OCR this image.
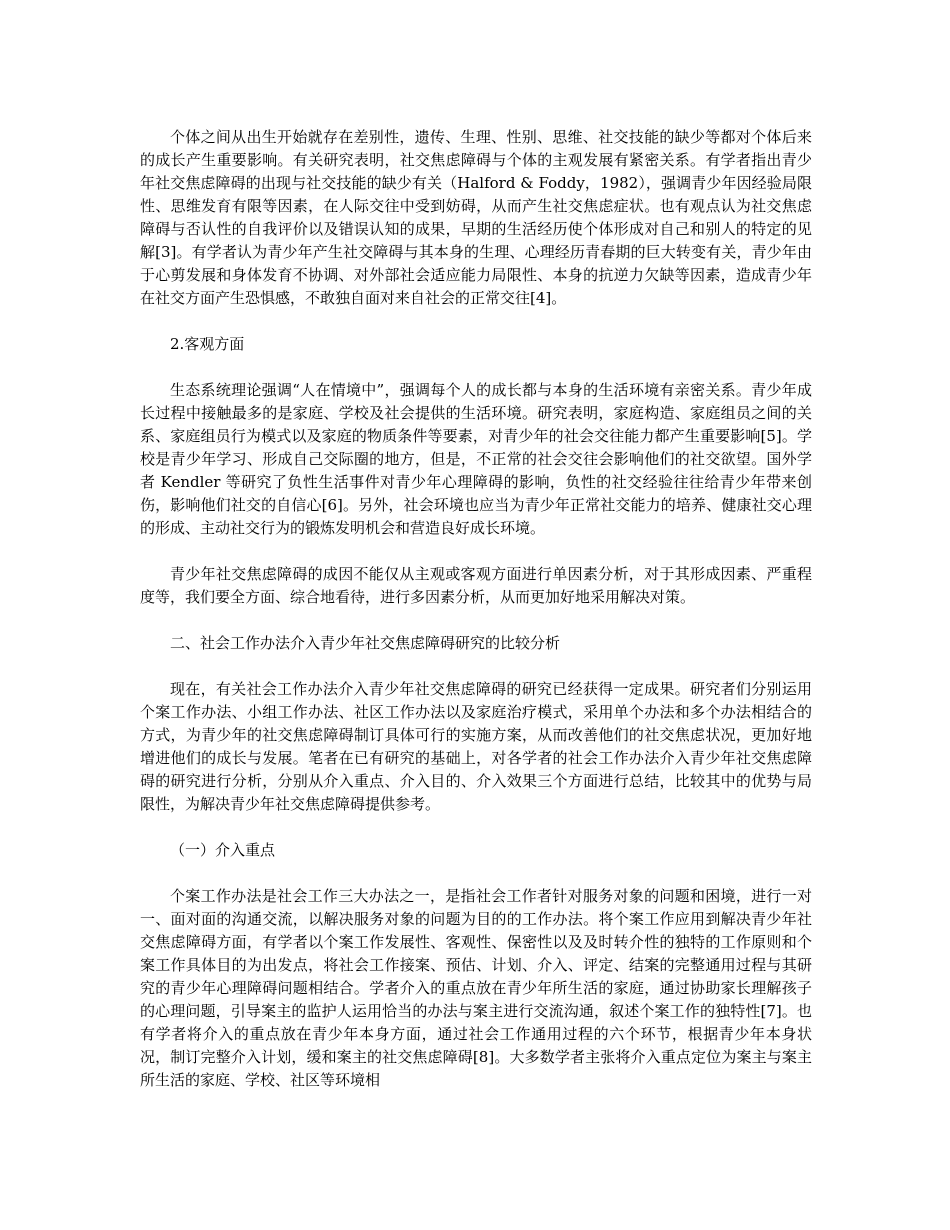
个体之间从出生开始就存在差别性，遗传、生理、性别、思维、社交技能的缺少等都对个体后来的成长产生重要影响。有关研究表明，社交焦虑障碍与个体的主观发展有紧密关系。有学者指出青少年社交焦虑障碍的出现与社交技能的缺少有关（Halford & Foddy，1982），强调青少年因经验局限性、思维发育有限等因素，在人际交往中受到妨碍，从而产生社交焦虑症状。也有观点认为社交焦虑障碍与否认性的自我评价以及错误认知的成果，早期的生活经历使个体形成对自己和别人的特定的见解[3]。有学者认为青少年产生社交障碍与其本身的生理、心理经历青春期的巨大转变有关，青少年由于心剪发展和身体发育不协调、对外部社会适应能力局限性、本身的抗逆力欠缺等因素，造成青少年在社交方面产生恐惧感，不敢独自面对来自社会的正常交往[4]。

2.客观方面

生态系统理论强调“人在情境中”，强调每个人的成长都与本身的生活环境有亲密关系。青少年成长过程中接触最多的是家庭、学校及社会提供的生活环境。研究表明，家庭构造、家庭组员之间的关系、家庭组员行为模式以及家庭的物质条件等要素，对青少年的社会交往能力都产生重要影响[5]。学校是青少年学习、形成自己交际圈的地方，但是，不正常的社会交往会影响他们的社交欲望。国外学者 Kendler 等研究了负性生活事件对青少年心理障碍的影响，负性的社交经验往往给青少年带来创伤，影响他们社交的自信心[6]。另外，社会环境也应当为青少年正常社交能力的培养、健康社交心理的形成、主动社交行为的锻炼发明机会和营造良好成长环境。

青少年社交焦虑障碍的成因不能仅从主观或客观方面进行单因素分析，对于其形成因素、严重程度等，我们要全方面、综合地看待，进行多因素分析，从而更加好地采用解决对策。

二、社会工作办法介入青少年社交焦虑障碍研究的比较分析

现在，有关社会工作办法介入青少年社交焦虑障碍的研究已经获得一定成果。研究者们分别运用个案工作办法、小组工作办法、社区工作办法以及家庭治疗模式，采用单个办法和多个办法相结合的方式，为青少年的社交焦虑障碍制订具体可行的实施方案，从而改善他们的社交焦虑状况，更加好地增进他们的成长与发展。笔者在已有研究的基础上，对各学者的社会工作办法介入青少年社交焦虑障碍的研究进行分析，分别从介入重点、介入目的、介入效果三个方面进行总结，比较其中的优势与局限性，为解决青少年社交焦虑障碍提供参考。

（一）介入重点

个案工作办法是社会工作三大办法之一，是指社会工作者针对服务对象的问题和困境，进行一对一、面对面的沟通交流，以解决服务对象的问题为目的的工作办法。将个案工作应用到解决青少年社交焦虑障碍方面，有学者以个案工作发展性、客观性、保密性以及及时转介性的独特的工作原则和个案工作具体目的为出发点，将社会工作接案、预估、计划、介入、评定、结案的完整通用过程与其研究的青少年心理障碍问题相结合。学者介入的重点放在青少年所生活的家庭，通过协助家长理解孩子的心理问题，引导案主的监护人运用恰当的办法与案主进行交流沟通，叙述个案工作的独特性[7]。也有学者将介入的重点放在青少年本身方面，通过社会工作通用过程的六个环节，根据青少年本身状况，制订完整介入计划，缓和案主的社交焦虑障碍[8]。大多数学者主张将介入重点定位为案主与案主所生活的家庭、学校、社区等环境相
